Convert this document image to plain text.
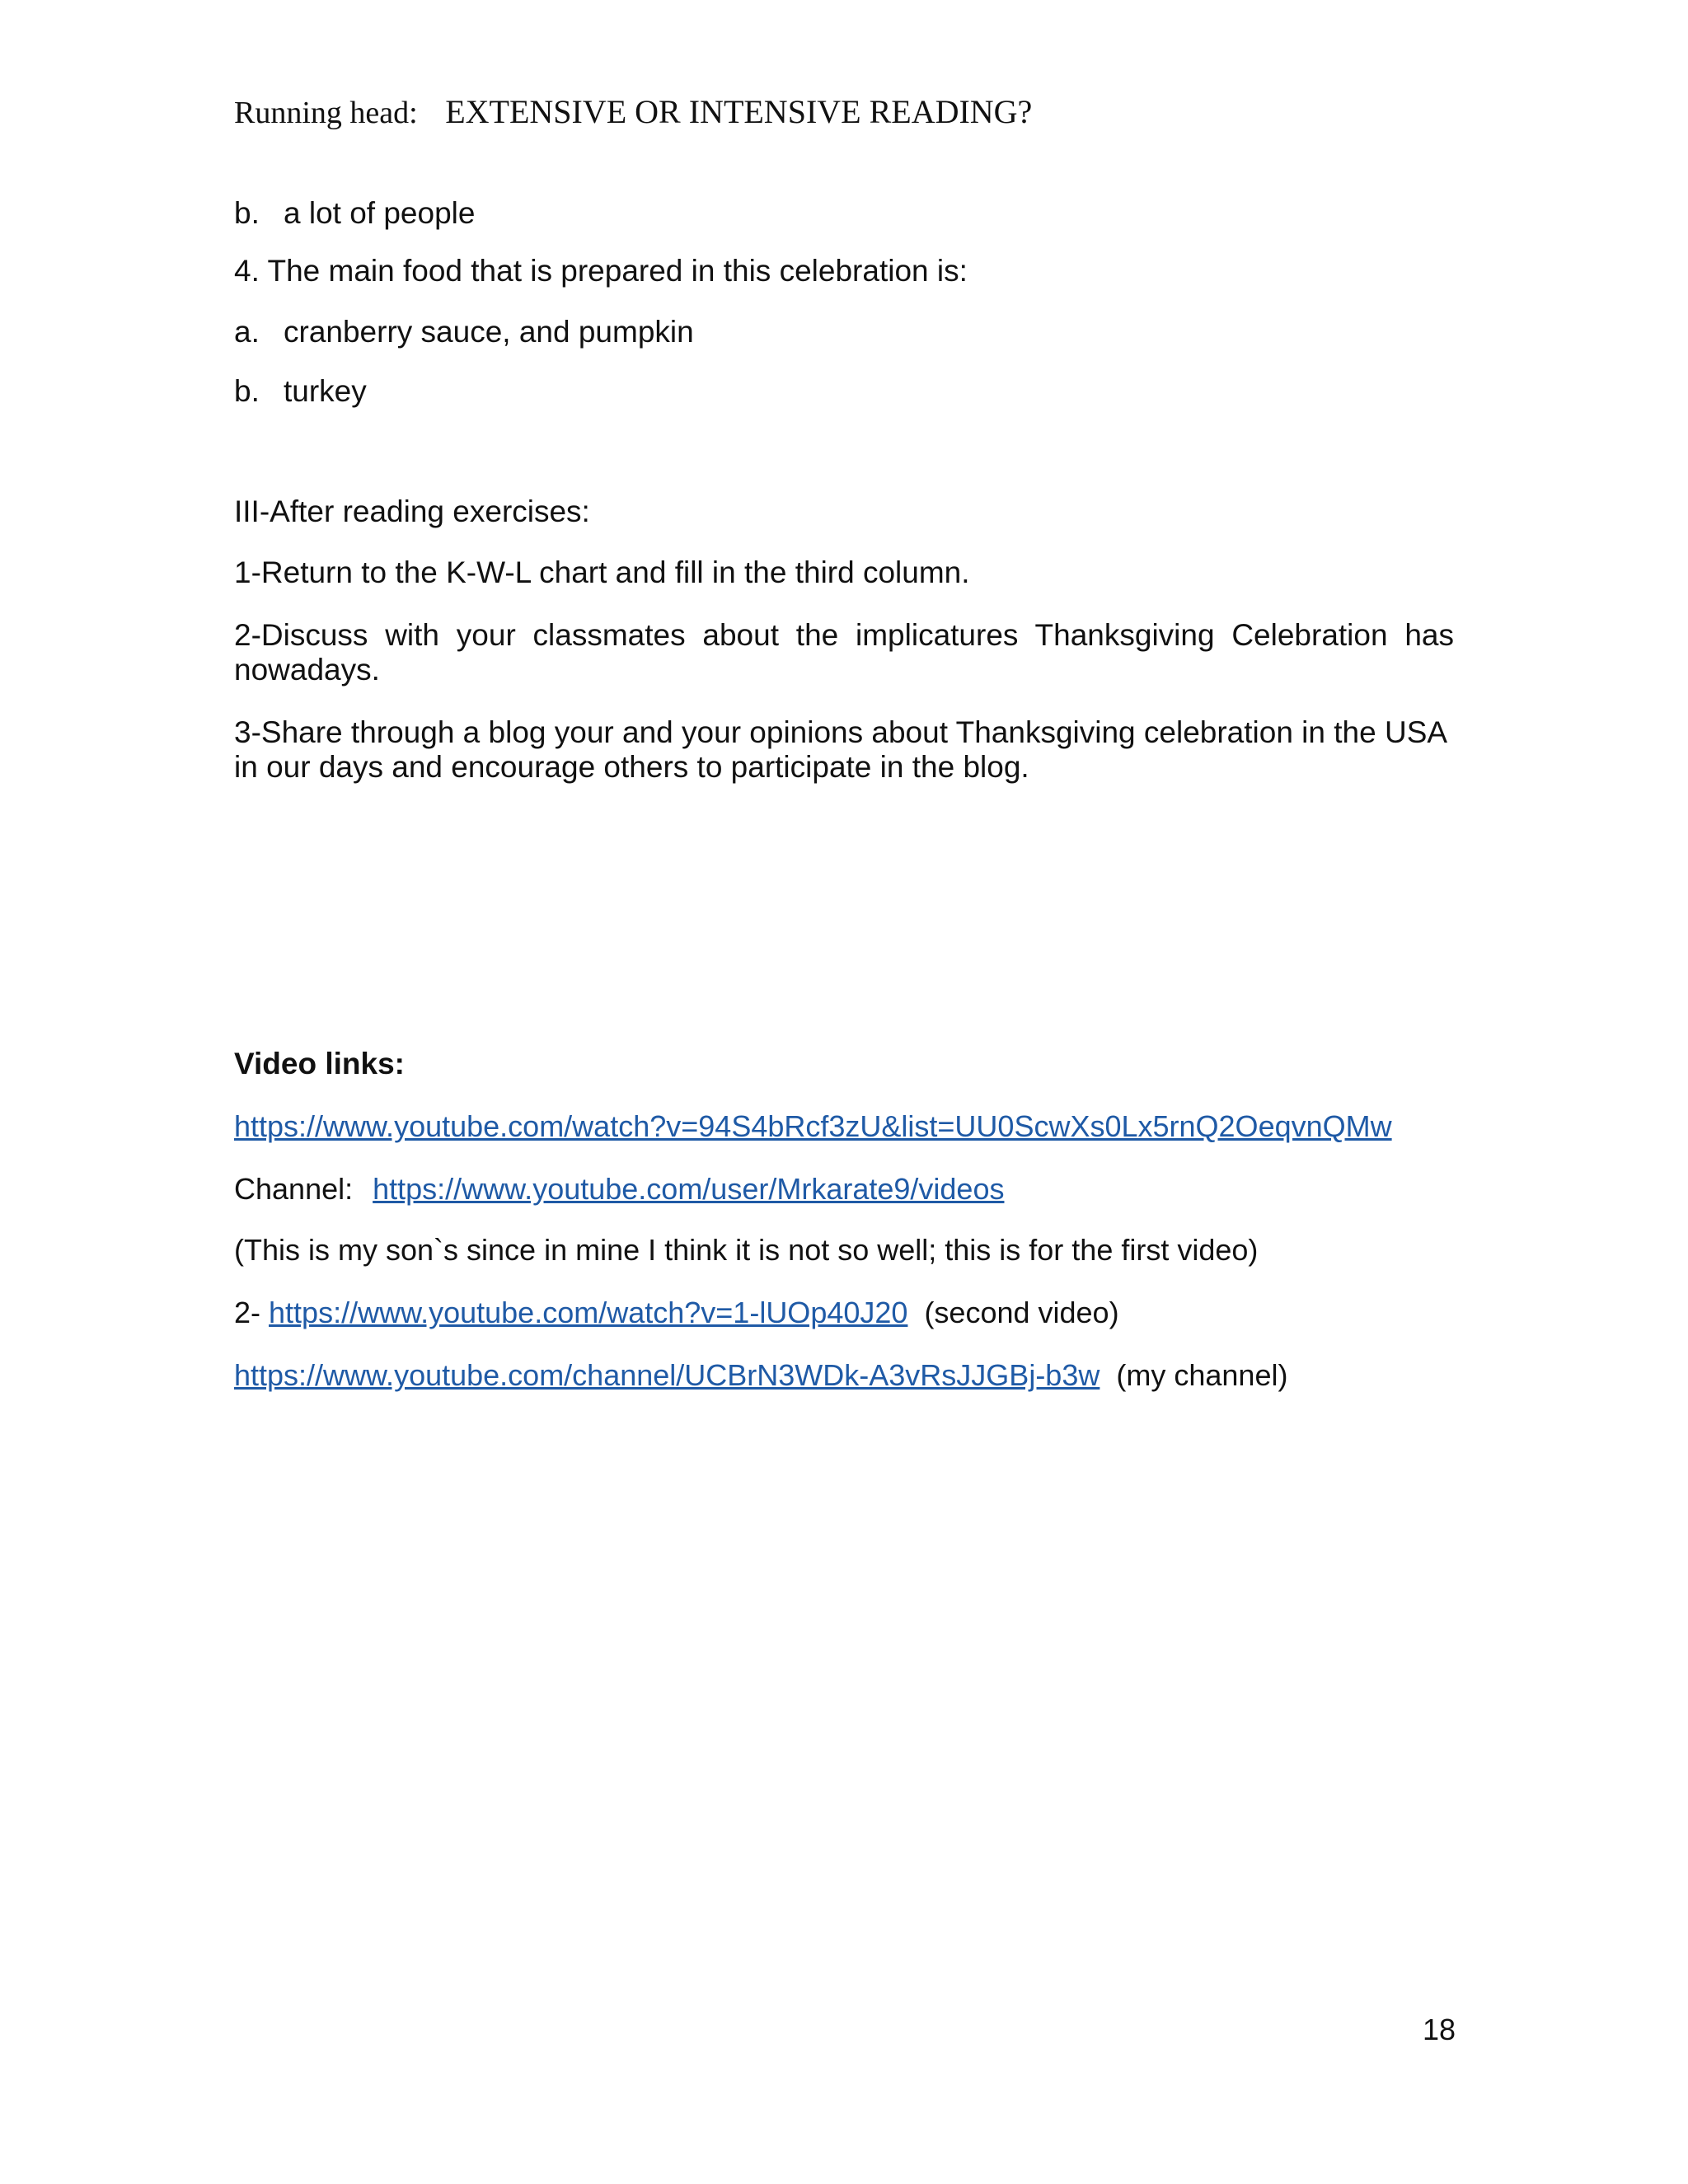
Running head: EXTENSIVE OR INTENSIVE READING?
b. a lot of people
4. The main food that is prepared in this celebration is:
a. cranberry sauce, and pumpkin
b. turkey
III-After reading exercises:
1-Return to the K-W-L chart and fill in the third column.
2-Discuss with your classmates about the implicatures Thanksgiving Celebration has nowadays.
3-Share through a blog your and your opinions about Thanksgiving celebration in the USA in our days and encourage others to participate in the blog.
Video links:
https://www.youtube.com/watch?v=94S4bRcf3zU&list=UU0ScwXs0Lx5rnQ2OeqvnQMw
Channel: https://www.youtube.com/user/Mrkarate9/videos
(This is my son`s since in mine I think it is not so well; this is for the first video)
2- https://www.youtube.com/watch?v=1-lUOp40J20 (second video)
https://www.youtube.com/channel/UCBrN3WDk-A3vRsJJGBj-b3w (my channel)
18
